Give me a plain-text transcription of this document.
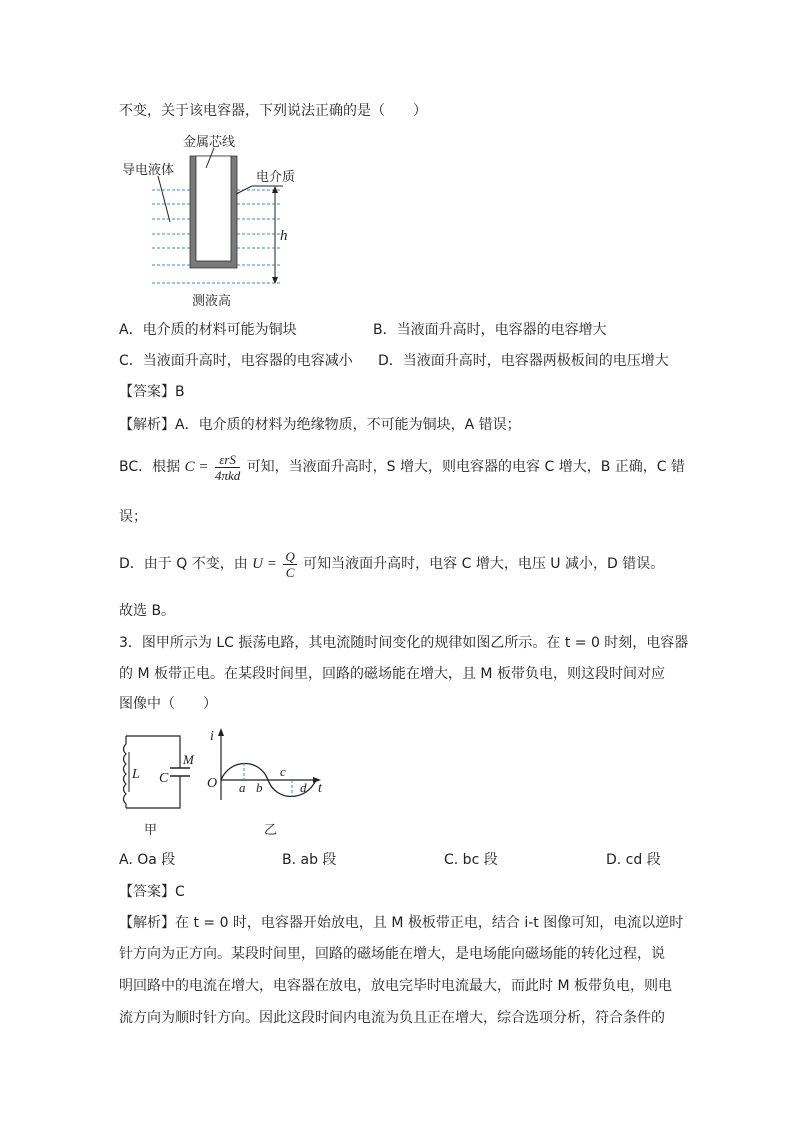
不变，关于该电容器，下列说法正确的是（　　）
金属芯线
导电液体	电介质
h
测液高
A．电介质的材料可能为铜块	B．当液面升高时，电容器的电容增大
C．当液面升高时，电容器的电容减小 D．当液面升高时，电容器两极板间的电压增大
【答案】B
【解析】A．电介质的材料为绝缘物质，不可能为铜块，A 错误；
BC．根据 $C = \frac{\text{εrS}}{\text{4πkd}}$ 可知，当液面升高时，S 增大，则电容器的电容 C 增大，B 正确，C 错
误；
D．由于 Q 不变，由 $U = \frac{Q}{C}$ 可知当液面升高时，电容 C 增大，电压 U 减小，D 错误。
故选 B。
3．图甲所示为 LC 振荡电路，其电流随时间变化的规律如图乙所示。在 t = 0 时刻，电容器
的 M 板带正电。在某段时间里，回路的磁场能在增大，且 M 板带负电，则这段时间对应
图像中（　　）
L C
M
甲
i
O a b
c
d t
乙
A. Oa 段	B. ab 段	C. bc 段	D. cd 段
【答案】C
【解析】在 t = 0 时，电容器开始放电，且 M 极板带正电，结合 i-t 图像可知，电流以逆时
针方向为正方向。某段时间里，回路的磁场能在增大，是电场能向磁场能的转化过程，说
明回路中的电流在增大，电容器在放电，放电完毕时电流最大，而此时 M 板带负电，则电
流方向为顺时针方向。因此这段时间内电流为负且正在增大，综合选项分析，符合条件的
